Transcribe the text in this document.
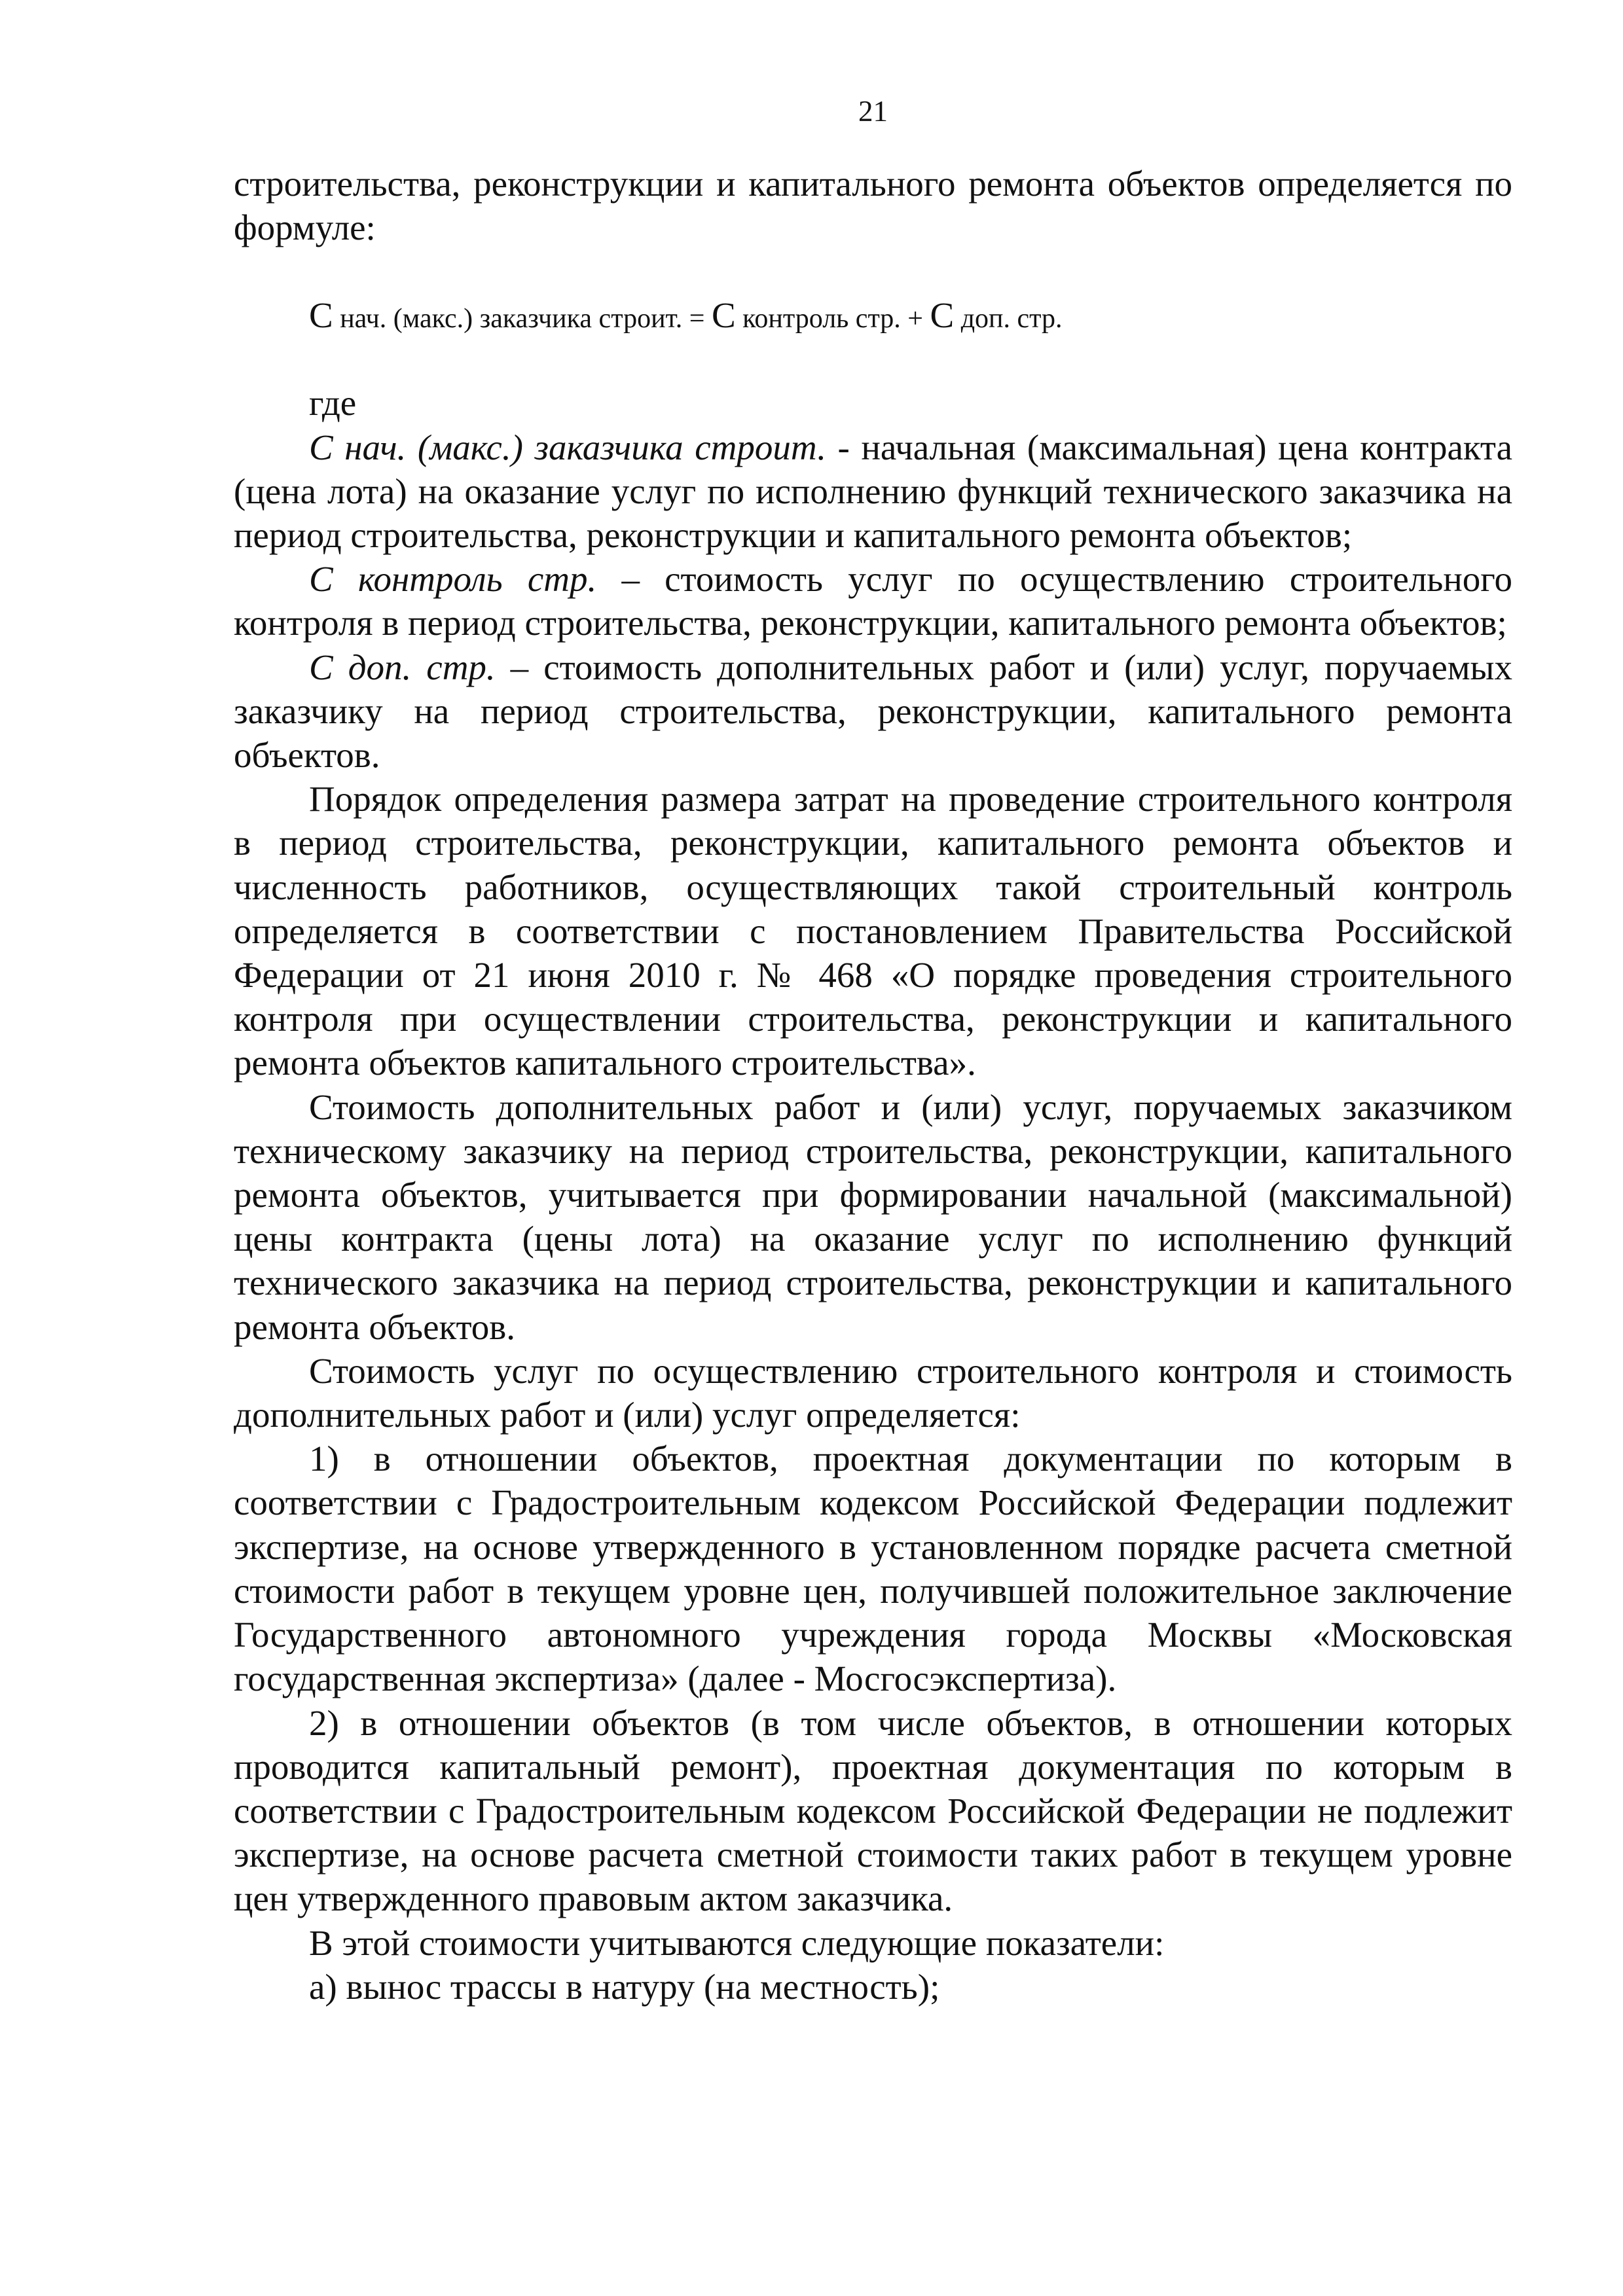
21

строительства, реконструкции и капитального ремонта объектов определяется по формуле:

С нач. (макс.) заказчика строит. = С контроль стр. + С доп. стр.

где

С нач. (макс.) заказчика строит. - начальная (максимальная) цена контракта (цена лота) на оказание услуг по исполнению функций технического заказчика на период строительства, реконструкции и капитального ремонта объектов;

С контроль стр. – стоимость услуг по осуществлению строительного контроля в период строительства, реконструкции, капитального ремонта объектов;

С доп. стр. – стоимость дополнительных работ и (или) услуг, поручаемых заказчику на период строительства, реконструкции, капитального ремонта объектов.

Порядок определения размера затрат на проведение строительного контроля в период строительства, реконструкции, капитального ремонта объектов и численность работников, осуществляющих такой строительный контроль определяется в соответствии с постановлением Правительства Российской Федерации от 21 июня 2010 г. № 468 «О порядке проведения строительного контроля при осуществлении строительства, реконструкции и капитального ремонта объектов капитального строительства».

Стоимость дополнительных работ и (или) услуг, поручаемых заказчиком техническому заказчику на период строительства, реконструкции, капитального ремонта объектов, учитывается при формировании начальной (максимальной) цены контракта (цены лота) на оказание услуг по исполнению функций технического заказчика на период строительства, реконструкции и капитального ремонта объектов.

Стоимость услуг по осуществлению строительного контроля и стоимость дополнительных работ и (или) услуг определяется:

1) в отношении объектов, проектная документации по которым в соответствии с Градостроительным кодексом Российской Федерации подлежит экспертизе, на основе утвержденного в установленном порядке расчета сметной стоимости работ в текущем уровне цен, получившей положительное заключение Государственного автономного учреждения города Москвы «Московская государственная экспертиза» (далее - Мосгосэкспертиза).

2) в отношении объектов (в том числе объектов, в отношении которых проводится капитальный ремонт), проектная документация по которым в соответствии с Градостроительным кодексом Российской Федерации не подлежит экспертизе, на основе расчета сметной стоимости таких работ в текущем уровне цен утвержденного правовым актом заказчика.

В этой стоимости учитываются следующие показатели:

а) вынос трассы в натуру (на местность);
